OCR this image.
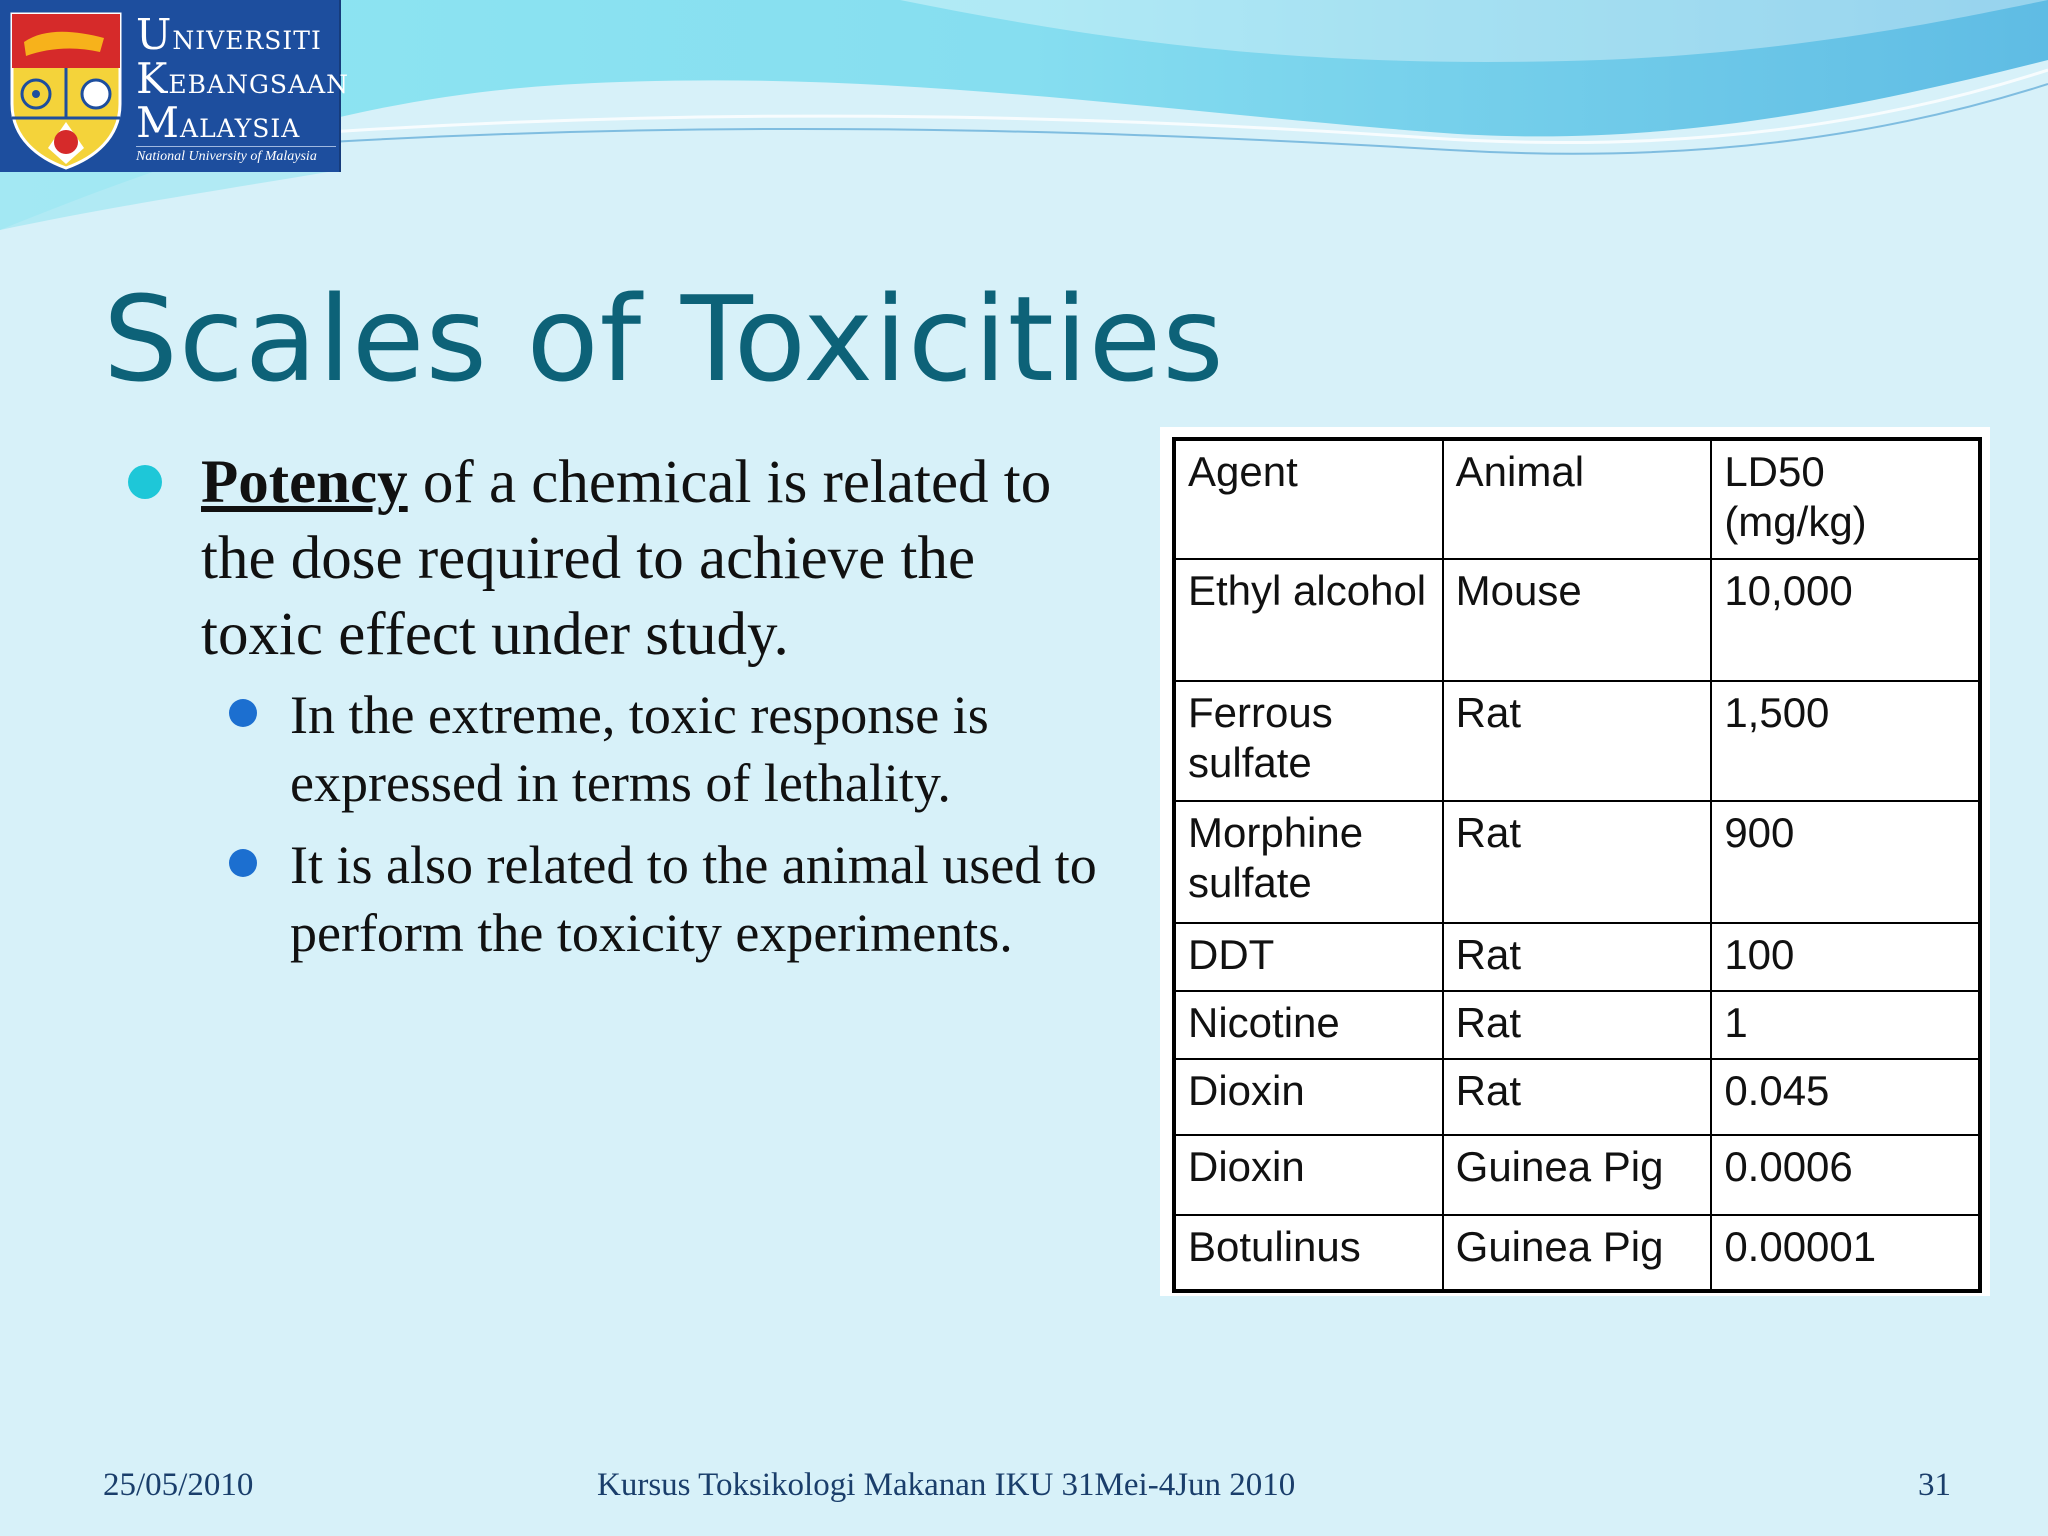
UNIVERSITI
KEBANGSAAN
MALAYSIA
National University of Malaysia
Scales of Toxicities
Potency of a chemical is related to the dose required to achieve the toxic effect under study.
In the extreme, toxic response is expressed in terms of lethality.
It is also related to the animal used to perform the toxicity experiments.
Agent	Animal	LD50 (mg/kg)
Ethyl alcohol	Mouse	10,000
Ferrous sulfate	Rat	1,500
Morphine sulfate	Rat	900
DDT	Rat	100
Nicotine	Rat	1
Dioxin	Rat	0.045
Dioxin	Guinea Pig	0.0006
Botulinus	Guinea Pig	0.00001
25/05/2010	Kursus Toksikologi Makanan IKU 31Mei-4Jun 2010	31
